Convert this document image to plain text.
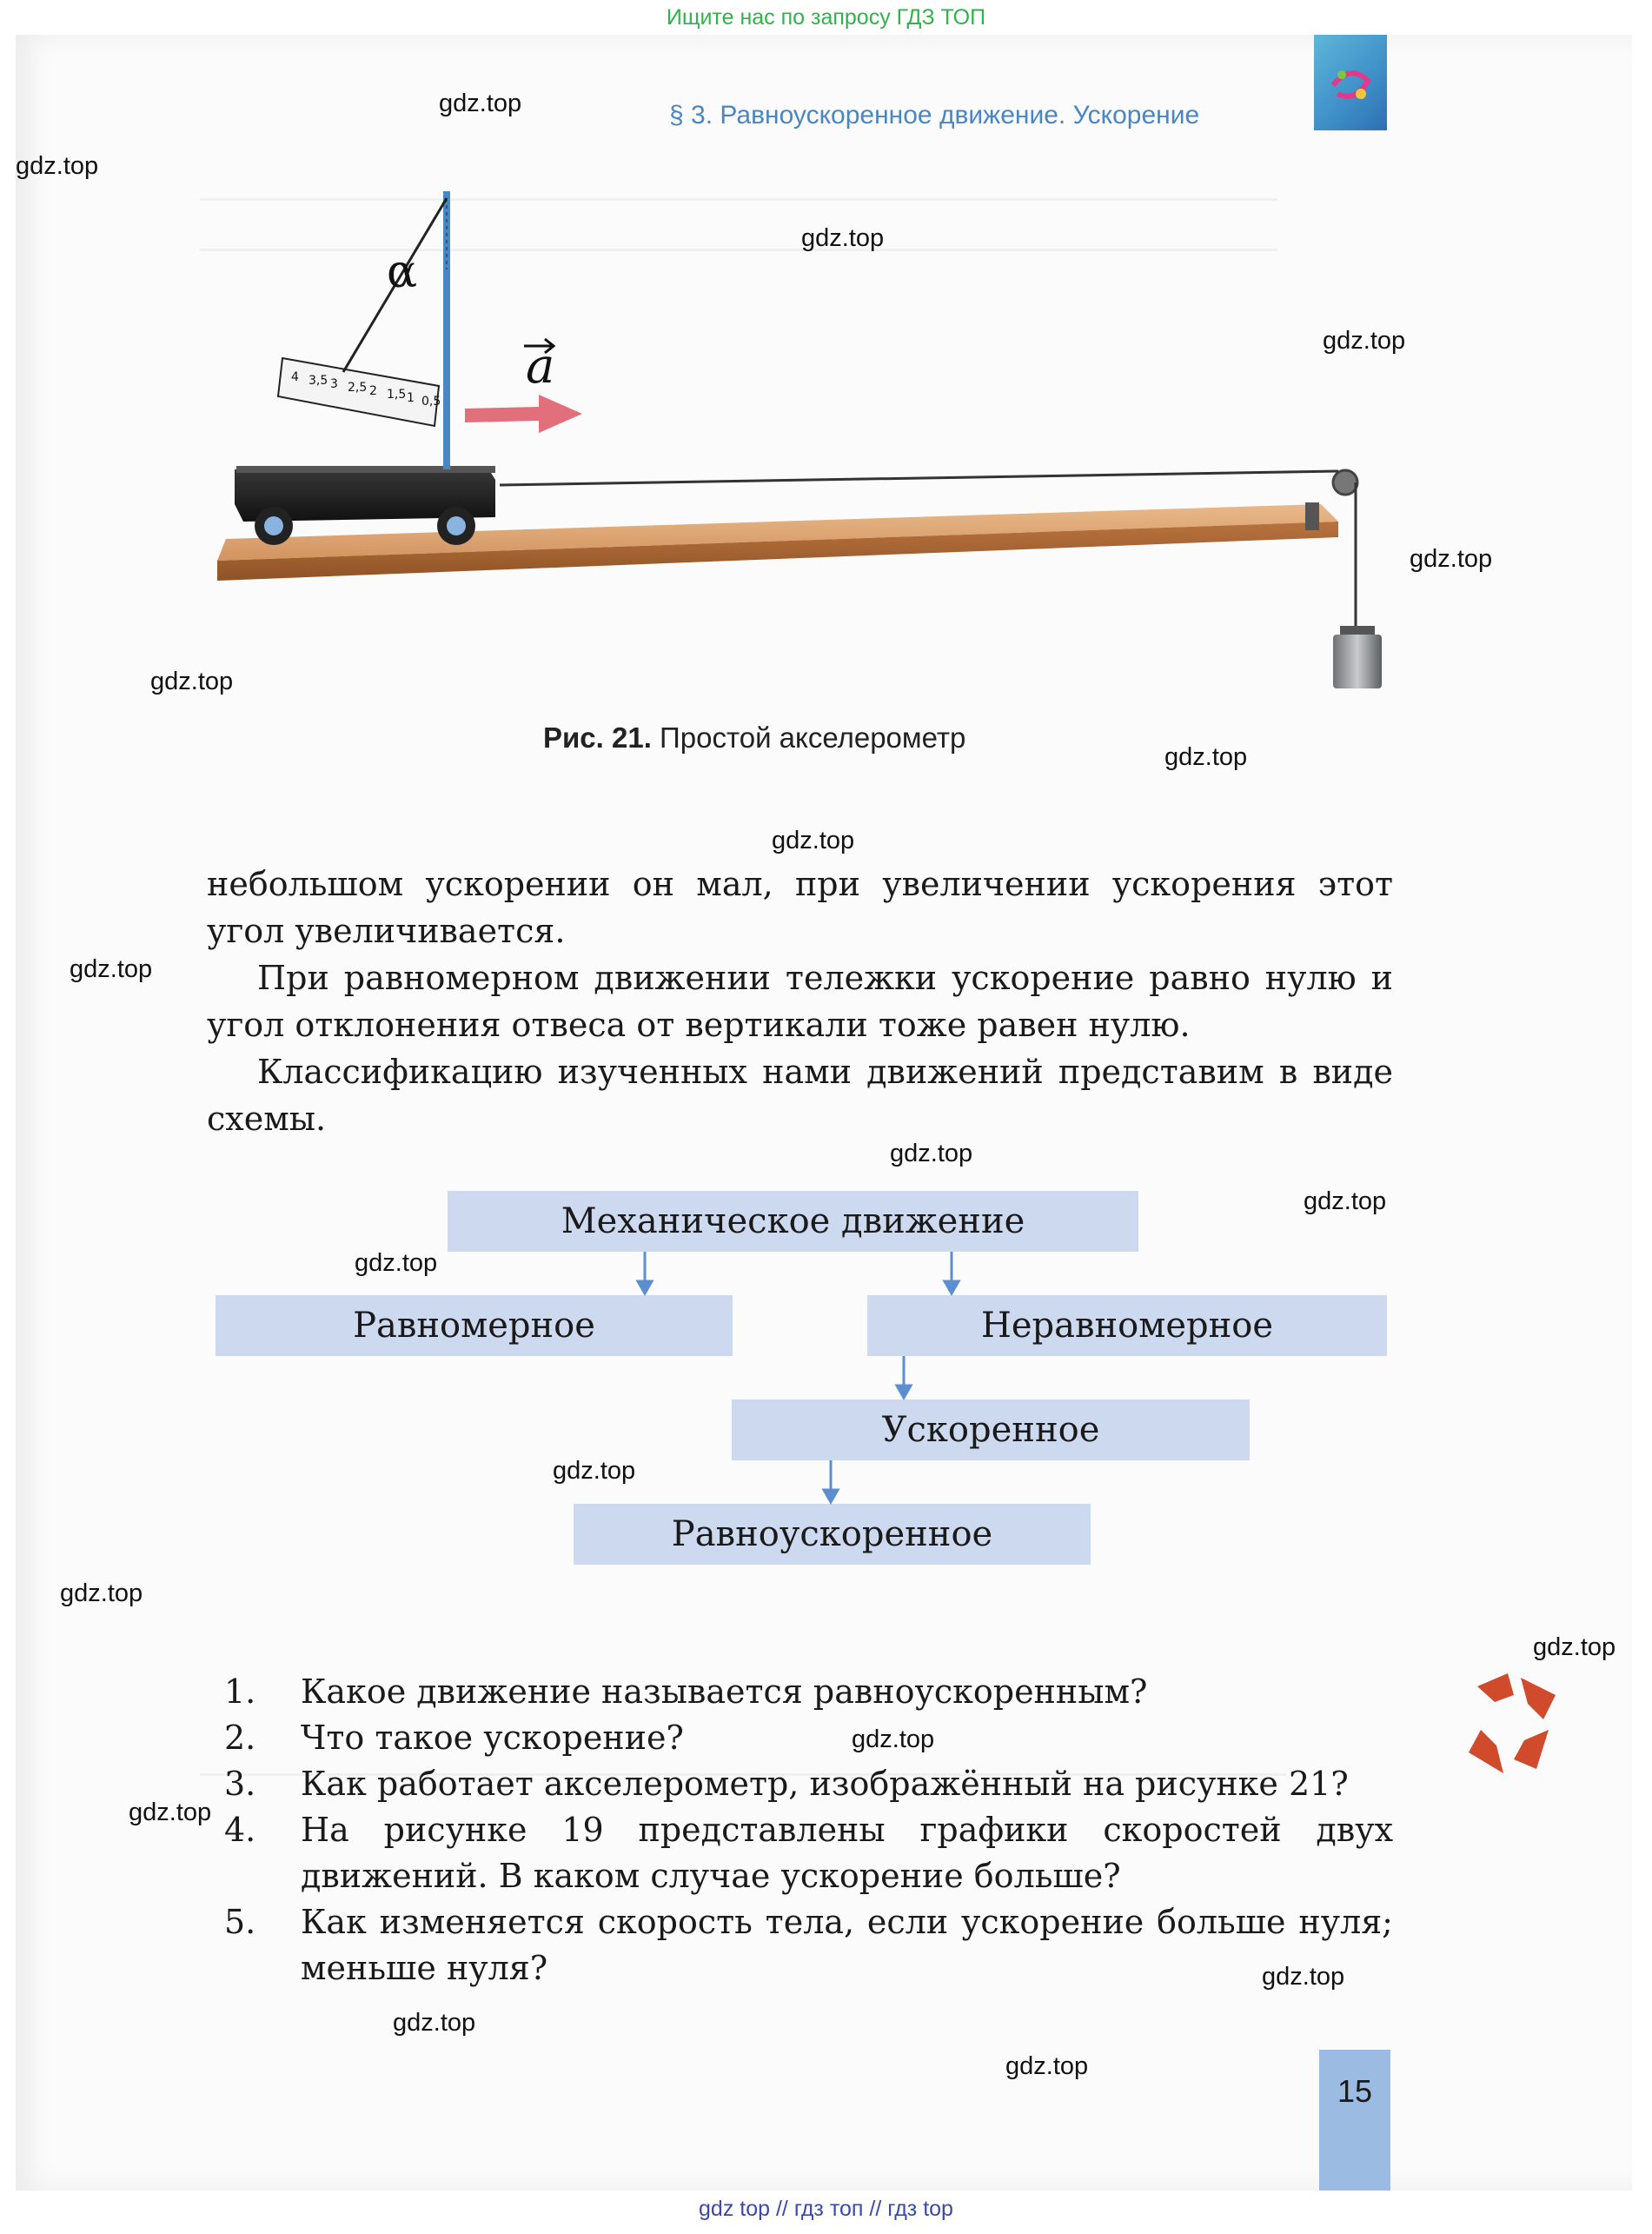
Ищите нас по запросу ГДЗ ТОП
§ 3. Равноускоренное движение. Ускорение
4 3,5 3 2,5 2 1,5 1 0,5
α
a
Рис. 21. Простой акселерометр

небольшом ускорении он мал, при увеличении ускорения этот угол увеличивается.

При равномерном движении тележки ускорение равно нулю и угол отклонения отвеса от вертикали тоже равен нулю.

Классификацию изученных нами движений представим в виде схемы.

Механическое движение
Равномерное	Неравномерное
Ускоренное
Равноускоренное
1.	Какое движение называется равноускоренным?
2.	Что такое ускорение?
3.	Как работает акселерометр, изображённый на рисунке 21?
4.	На рисунке 19 представлены графики скоростей двух движений. В каком случае ускорение больше?
5.	Как изменяется скорость тела, если ускорение больше нуля; меньше нуля?
15
gdz.top
gdz.top
gdz.top
gdz.top
gdz.top
gdz.top
gdz.top
gdz.top
gdz.top
gdz.top
gdz.top
gdz.top
gdz.top
gdz.top
gdz.top
gdz.top
gdz.top
gdz.top
gdz.top
gdz.top
gdz top // гдз топ // гдз top
